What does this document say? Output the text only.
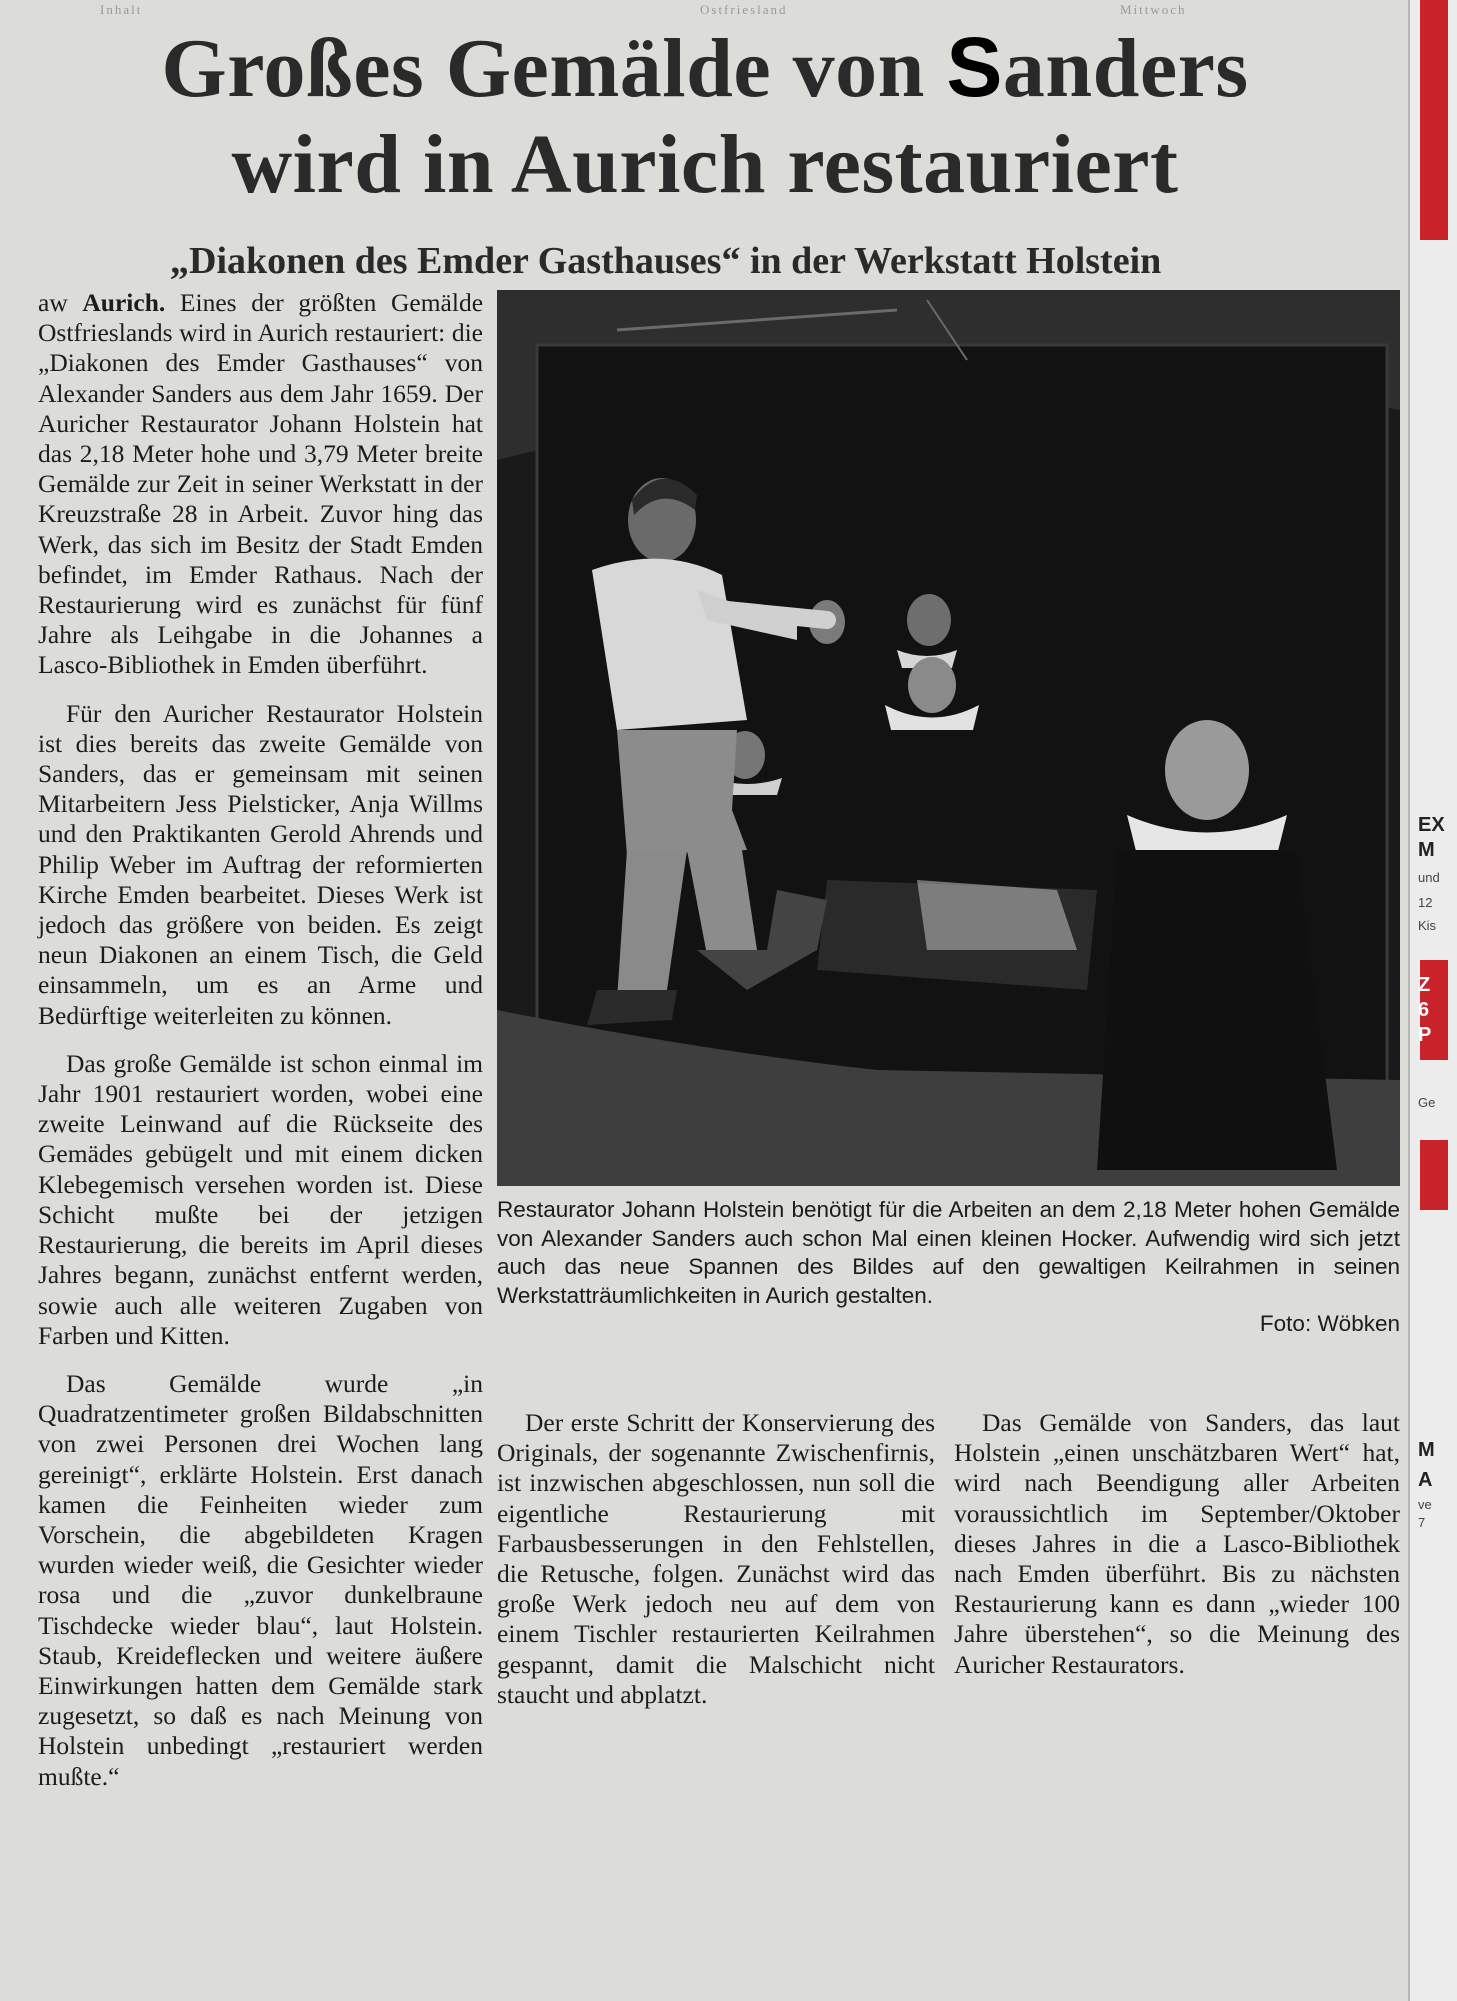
Inhalt	Ostfriesland	Mittwoch
Großes Gemälde von Sanders
wird in Aurich restauriert
„Diakonen des Emder Gasthauses“ in der Werkstatt Holstein

aw Aurich. Eines der größten Gemälde Ostfrieslands wird in Aurich restauriert: die „Diakonen des Emder Gasthauses“ von Alexander Sanders aus dem Jahr 1659. Der Auricher Restaurator Johann Holstein hat das 2,18 Meter hohe und 3,79 Meter breite Gemälde zur Zeit in seiner Werkstatt in der Kreuzstraße 28 in Arbeit. Zuvor hing das Werk, das sich im Besitz der Stadt Emden befindet, im Emder Rathaus. Nach der Restaurierung wird es zunächst für fünf Jahre als Leihgabe in die Johannes a Lasco-Bibliothek in Emden überführt.

Für den Auricher Restaurator Holstein ist dies bereits das zweite Gemälde von Sanders, das er gemeinsam mit seinen Mitarbeitern Jess Pielsticker, Anja Willms und den Praktikanten Gerold Ahrends und Philip Weber im Auftrag der reformierten Kirche Emden bearbeitet. Dieses Werk ist jedoch das größere von beiden. Es zeigt neun Diakonen an einem Tisch, die Geld einsammeln, um es an Arme und Bedürftige weiterleiten zu können.

Das große Gemälde ist schon einmal im Jahr 1901 restauriert worden, wobei eine zweite Leinwand auf die Rückseite des Gemädes gebügelt und mit einem dicken Klebegemisch versehen worden ist. Diese Schicht mußte bei der jetzigen Restaurierung, die bereits im April dieses Jahres begann, zunächst entfernt werden, sowie auch alle weiteren Zugaben von Farben und Kitten.

Das Gemälde wurde „in Quadratzentimeter großen Bildabschnitten von zwei Personen drei Wochen lang gereinigt“, erklärte Holstein. Erst danach kamen die Feinheiten wieder zum Vorschein, die abgebildeten Kragen wurden wieder weiß, die Gesichter wieder rosa und die „zuvor dunkelbraune Tischdecke wieder blau“, laut Holstein. Staub, Kreideflecken und weitere äußere Einwirkungen hatten dem Gemälde stark zugesetzt, so daß es nach Meinung von Holstein unbedingt „restauriert werden mußte.“

Restaurator Johann Holstein benötigt für die Arbeiten an dem 2,18 Meter hohen Gemälde von Alexander Sanders auch schon Mal einen kleinen Hocker. Aufwendig wird sich jetzt auch das neue Spannen des Bildes auf den gewaltigen Keilrahmen in seinen Werkstatträumlichkeiten in Aurich gestalten.
Foto: Wöbken

Der erste Schritt der Konservierung des Originals, der sogenannte Zwischenfirnis, ist inzwischen abgeschlossen, nun soll die eigentliche Restaurierung mit Farbausbesserungen in den Fehlstellen, die Retusche, folgen. Zunächst wird das große Werk jedoch neu auf dem von einem Tischler restaurierten Keilrahmen gespannt, damit die Malschicht nicht staucht und abplatzt.

Das Gemälde von Sanders, das laut Holstein „einen unschätzbaren Wert“ hat, wird nach Beendigung aller Arbeiten voraussichtlich im September/Oktober dieses Jahres in die a Lasco-Bibliothek nach Emden überführt. Bis zu nächsten Restaurierung kann es dann „wieder 100 Jahre überstehen“, so die Meinung des Auricher Restaurators.

EX
M
und
12
Kis
Z
6
P
Ge
M
A
ve
7
